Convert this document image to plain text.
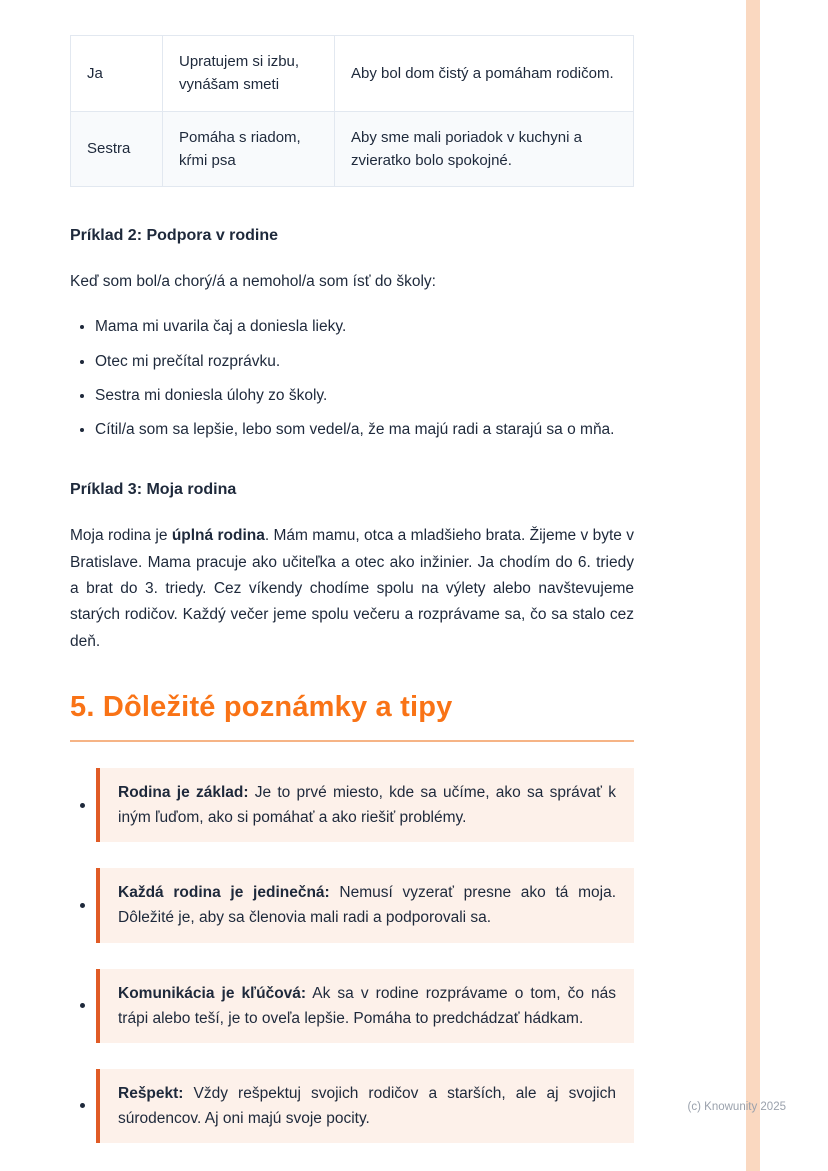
Ja	Upratujem si izbu, vynášam smeti	Aby bol dom čistý a pomáham rodičom.
Sestra	Pomáha s riadom, kŕmi psa	Aby sme mali poriadok v kuchyni a zvieratko bolo spokojné.
Príklad 2: Podpora v rodine

Keď som bol/a chorý/á a nemohol/a som ísť do školy:

• Mama mi uvarila čaj a doniesla lieky.
• Otec mi prečítal rozprávku.
• Sestra mi doniesla úlohy zo školy.
• Cítil/a som sa lepšie, lebo som vedel/a, že ma majú radi a starajú sa o mňa.
Príklad 3: Moja rodina

Moja rodina je úplná rodina. Mám mamu, otca a mladšieho brata. Žijeme v byte v Bratislave. Mama pracuje ako učiteľka a otec ako inžinier. Ja chodím do 6. triedy a brat do 3. triedy. Cez víkendy chodíme spolu na výlety alebo navštevujeme starých rodičov. Každý večer jeme spolu večeru a rozprávame sa, čo sa stalo cez deň.

5. Dôležité poznámky a tipy

Rodina je základ: Je to prvé miesto, kde sa učíme, ako sa správať k iným ľuďom, ako si pomáhať a ako riešiť problémy.

Každá rodina je jedinečná: Nemusí vyzerať presne ako tá moja. Dôležité je, aby sa členovia mali radi a podporovali sa.

Komunikácia je kľúčová: Ak sa v rodine rozprávame o tom, čo nás trápi alebo teší, je to oveľa lepšie. Pomáha to predchádzať hádkam.

Rešpekt: Vždy rešpektuj svojich rodičov a starších, ale aj svojich súrodencov. Aj oni majú svoje pocity.

(c) Knowunity 2025
